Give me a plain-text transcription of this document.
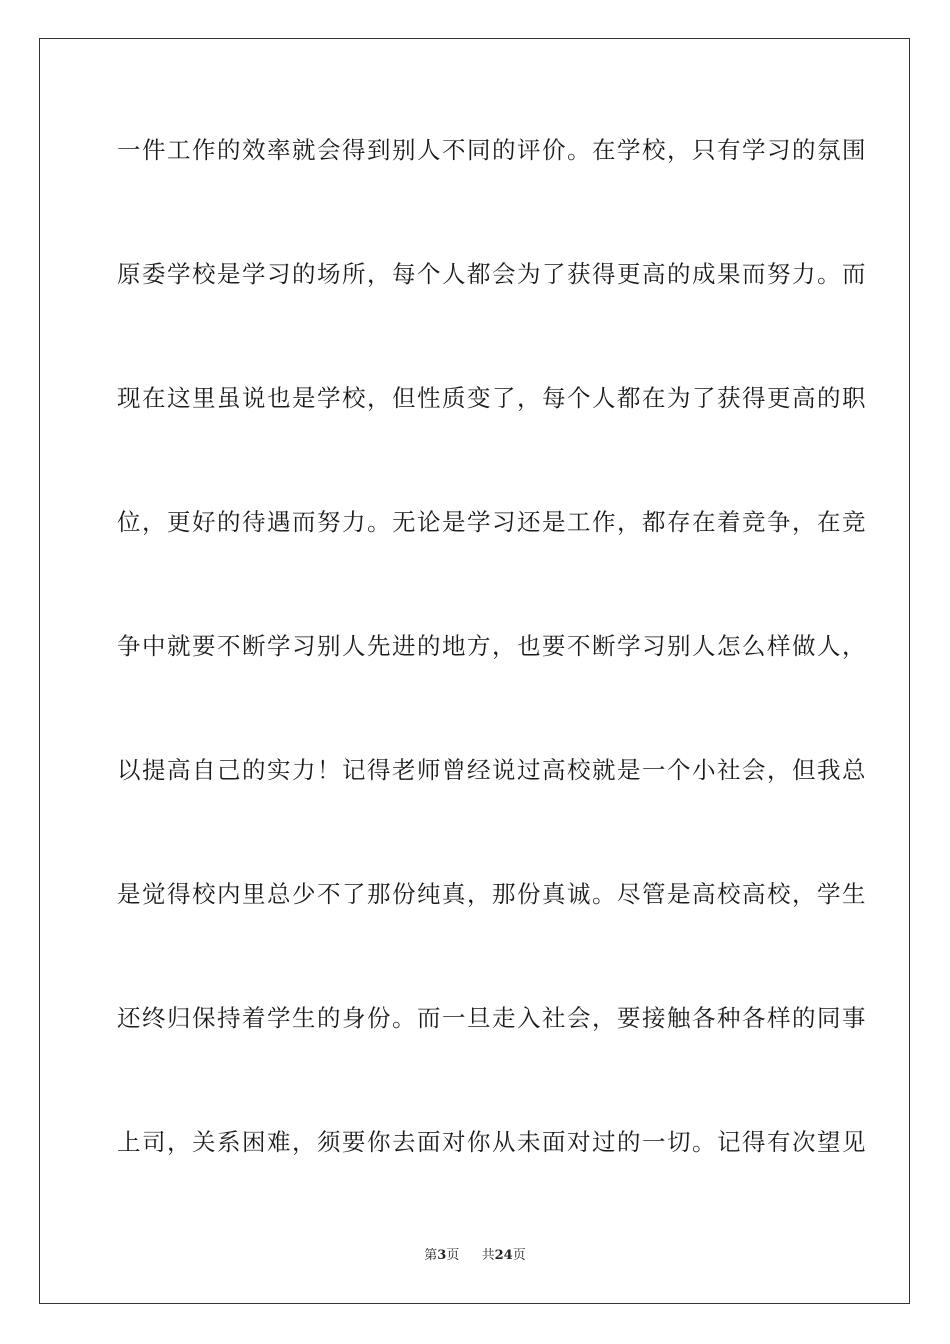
一件工作的效率就会得到别人不同的评价。在学校，只有学习的氛围
原委学校是学习的场所，每个人都会为了获得更高的成果而努力。而
现在这里虽说也是学校，但性质变了，每个人都在为了获得更高的职
位，更好的待遇而努力。无论是学习还是工作，都存在着竞争，在竞
争中就要不断学习别人先进的地方，也要不断学习别人怎么样做人，
以提高自己的实力！记得老师曾经说过高校就是一个小社会，但我总
是觉得校内里总少不了那份纯真，那份真诚。尽管是高校高校，学生
还终归保持着学生的身份。而一旦走入社会，要接触各种各样的同事
上司，关系困难，须要你去面对你从未面对过的一切。记得有次望见
第3页 共24页
